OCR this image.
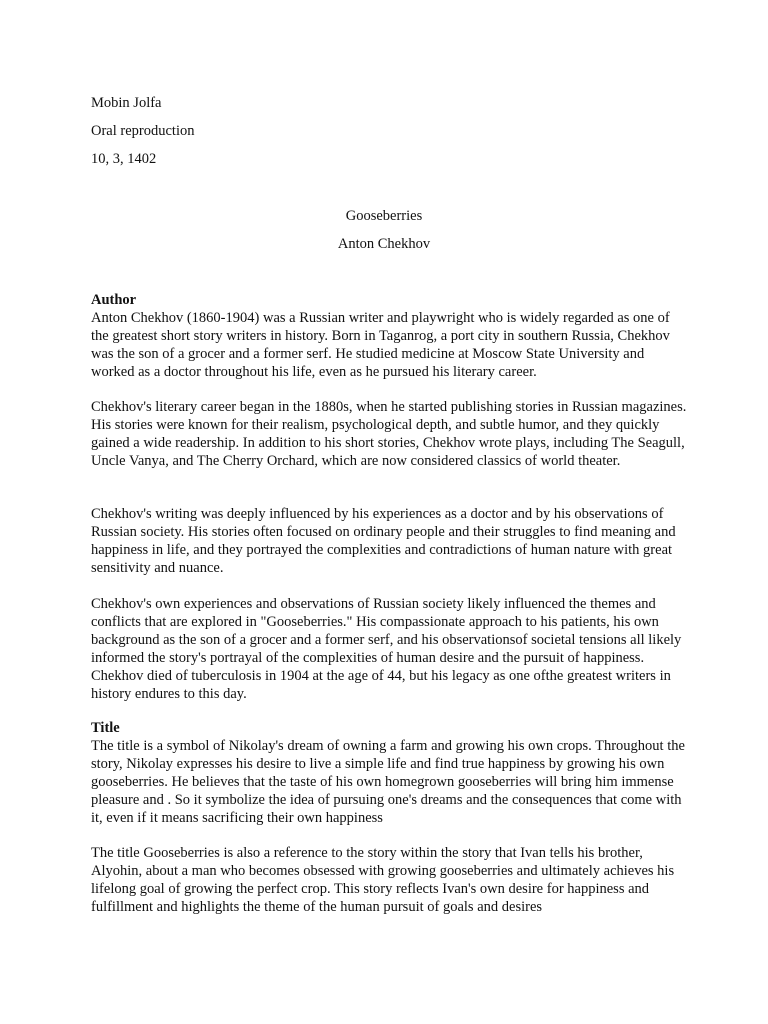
Mobin Jolfa
Oral reproduction
10, 3, 1402
Gooseberries
Anton Chekhov
Author

Anton Chekhov (1860-1904) was a Russian writer and playwright who is widely regarded as one of the greatest short story writers in history. Born in Taganrog, a port city in southern Russia, Chekhov was the son of a grocer and a former serf. He studied medicine at Moscow State University and worked as a doctor throughout his life, even as he pursued his literary career.

Chekhov's literary career began in the 1880s, when he started publishing stories in Russian magazines. His stories were known for their realism, psychological depth, and subtle humor, and they quickly gained a wide readership. In addition to his short stories, Chekhov wrote plays, including The Seagull, Uncle Vanya, and The Cherry Orchard, which are now considered classics of world theater.

Chekhov's writing was deeply influenced by his experiences as a doctor and by his observations of Russian society. His stories often focused on ordinary people and their struggles to find meaning and happiness in life, and they portrayed the complexities and contradictions of human nature with great sensitivity and nuance.

Chekhov's own experiences and observations of Russian society likely influenced the themes and conflicts that are explored in "Gooseberries." His compassionate approach to his patients, his own background as the son of a grocer and a former serf, and his observationsof societal tensions all likely informed the story's portrayal of the complexities of human desire and the pursuit of happiness. Chekhov died of tuberculosis in 1904 at the age of 44, but his legacy as one ofthe greatest writers in history endures to this day.

Title

The title is a symbol of Nikolay's dream of owning a farm and growing his own crops. Throughout the story, Nikolay expresses his desire to live a simple life and find true happiness by growing his own gooseberries. He believes that the taste of his own homegrown gooseberries will bring him immense pleasure and . So it symbolize the idea of pursuing one's dreams and the consequences that come with it, even if it means sacrificing their own happiness

The title Gooseberries is also a reference to the story within the story that Ivan tells his brother, Alyohin, about a man who becomes obsessed with growing gooseberries and ultimately achieves his lifelong goal of growing the perfect crop. This story reflects Ivan's own desire for happiness and fulfillment and highlights the theme of the human pursuit of goals and desires
